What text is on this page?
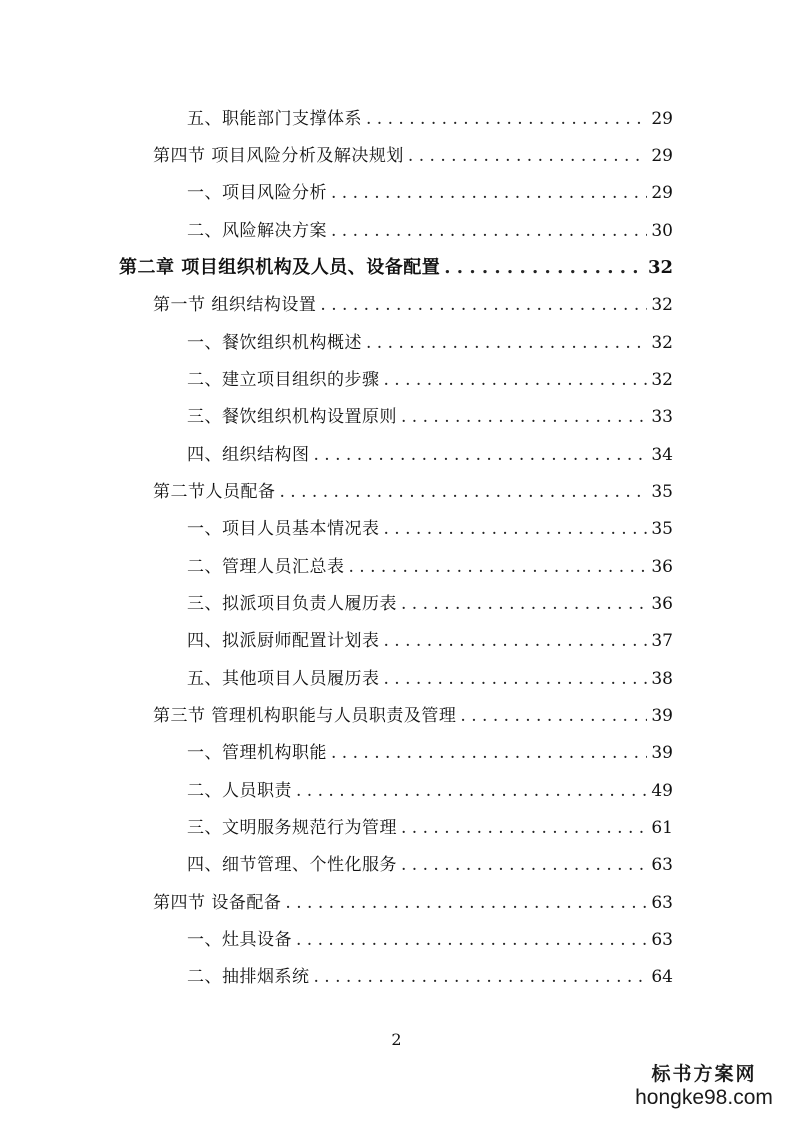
五、职能部门支撑体系 . . .	29
第四节 项目风险分析及解决规划 . . .	29
一、项目风险分析 . . .	29
二、风险解决方案 . . .	30
第二章 项目组织机构及人员、设备配置 . . .	32
第一节 组织结构设置 . . .	32
一、餐饮组织机构概述 . . .	32
二、建立项目组织的步骤 . . .	32
三、餐饮组织机构设置原则 . . .	33
四、组织结构图 . . .	34
第二节人员配备 . . .	35
一、项目人员基本情况表 . . .	35
二、管理人员汇总表 . . .	36
三、拟派项目负责人履历表 . . .	36
四、拟派厨师配置计划表 . . .	37
五、其他项目人员履历表 . . .	38
第三节 管理机构职能与人员职责及管理 . . .	39
一、管理机构职能 . . .	39
二、人员职责 . . .	49
三、文明服务规范行为管理 . . .	61
四、细节管理、个性化服务 . . .	63
第四节 设备配备 . . .	63
一、灶具设备 . . .	63
二、抽排烟系统 . . .	64
2
标书方案网
hongke98.com
